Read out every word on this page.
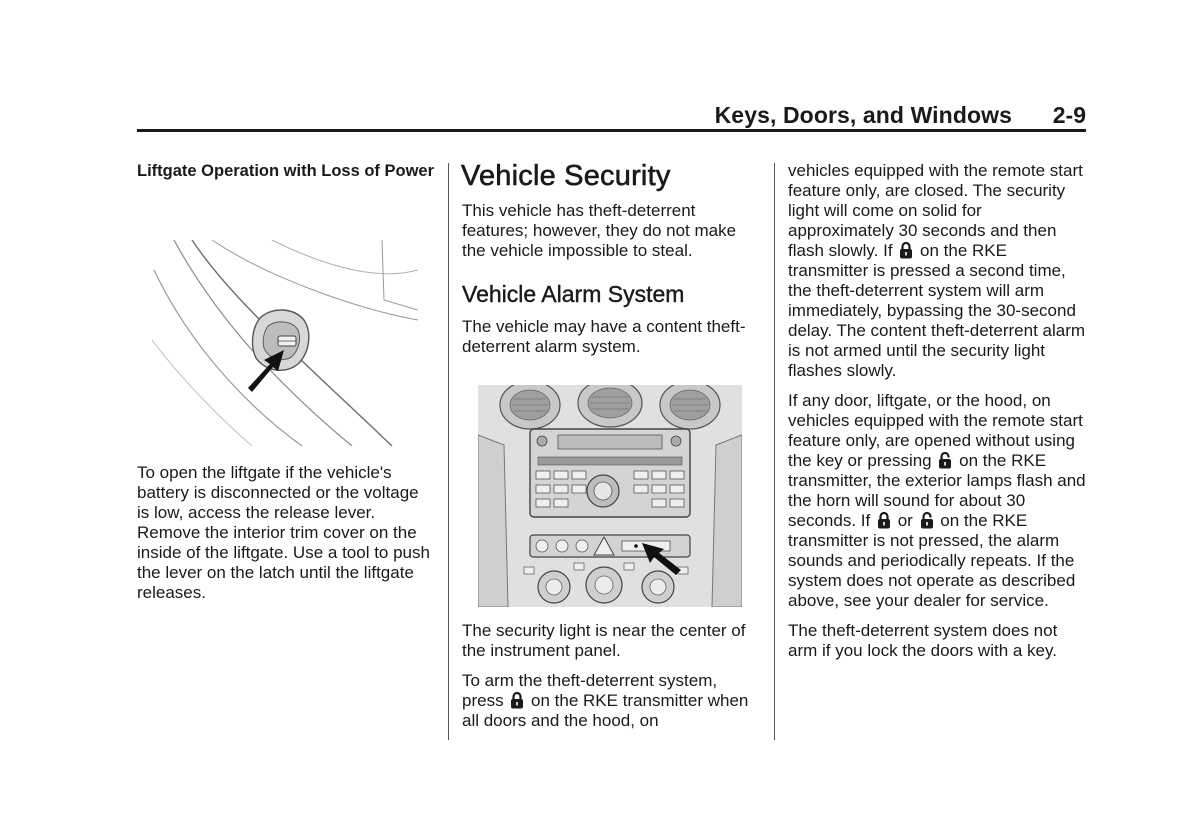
Keys, Doors, and Windows 2-9
Liftgate Operation with Loss of Power

To open the liftgate if the vehicle's battery is disconnected or the voltage is low, access the release lever. Remove the interior trim cover on the inside of the liftgate. Use a tool to push the lever on the latch until the liftgate releases.

Vehicle Security

This vehicle has theft-deterrent features; however, they do not make the vehicle impossible to steal.

Vehicle Alarm System

The vehicle may have a content theft-deterrent alarm system.

The security light is near the center of the instrument panel.

To arm the theft-deterrent system, press on the RKE transmitter when all doors and the hood, on

vehicles equipped with the remote start feature only, are closed. The security light will come on solid for approximately 30 seconds and then flash slowly. If on the RKE transmitter is pressed a second time, the theft-deterrent system will arm immediately, bypassing the 30-second delay. The content theft-deterrent alarm is not armed until the security light flashes slowly.

If any door, liftgate, or the hood, on vehicles equipped with the remote start feature only, are opened without using the key or pressing on the RKE transmitter, the exterior lamps flash and the horn will sound for about 30 seconds. If or on the RKE transmitter is not pressed, the alarm sounds and periodically repeats. If the system does not operate as described above, see your dealer for service.

The theft-deterrent system does not arm if you lock the doors with a key.
